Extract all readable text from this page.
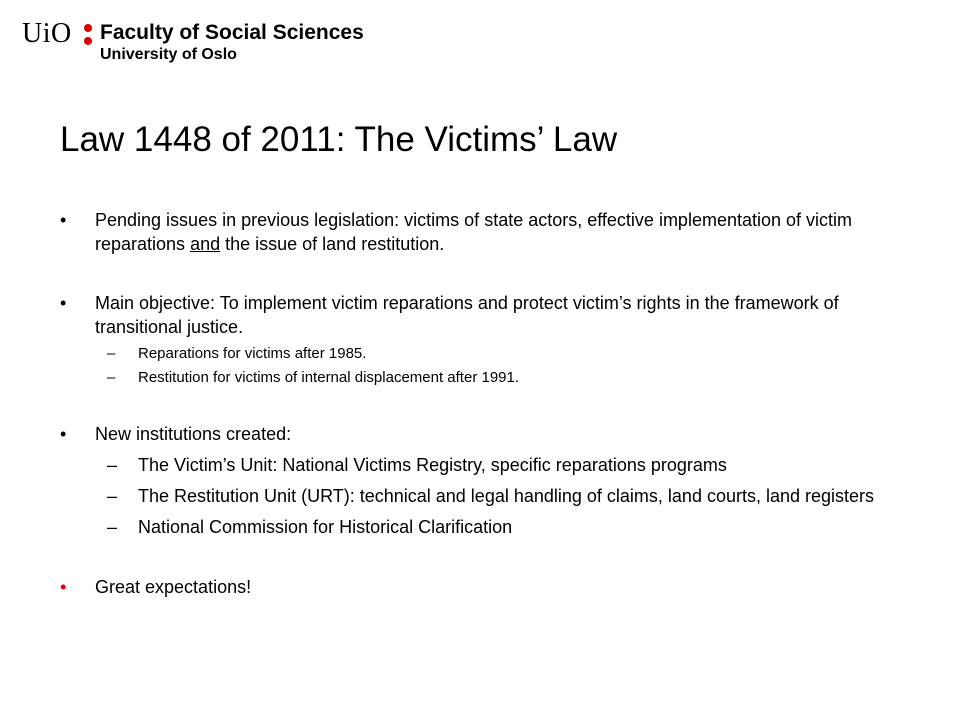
UiO Faculty of Social Sciences
University of Oslo
Law 1448 of 2011: The Victims’ Law
• Pending issues in previous legislation: victims of state actors, effective implementation of victim reparations and the issue of land restitution.
• Main objective: To implement victim reparations and protect victim’s rights in the framework of transitional justice.
– Reparations for victims after 1985.
– Restitution for victims of internal displacement after 1991.
• New institutions created:
– The Victim’s Unit: National Victims Registry, specific reparations programs
– The Restitution Unit (URT): technical and legal handling of claims, land courts, land registers
– National Commission for Historical Clarification
• Great expectations!
